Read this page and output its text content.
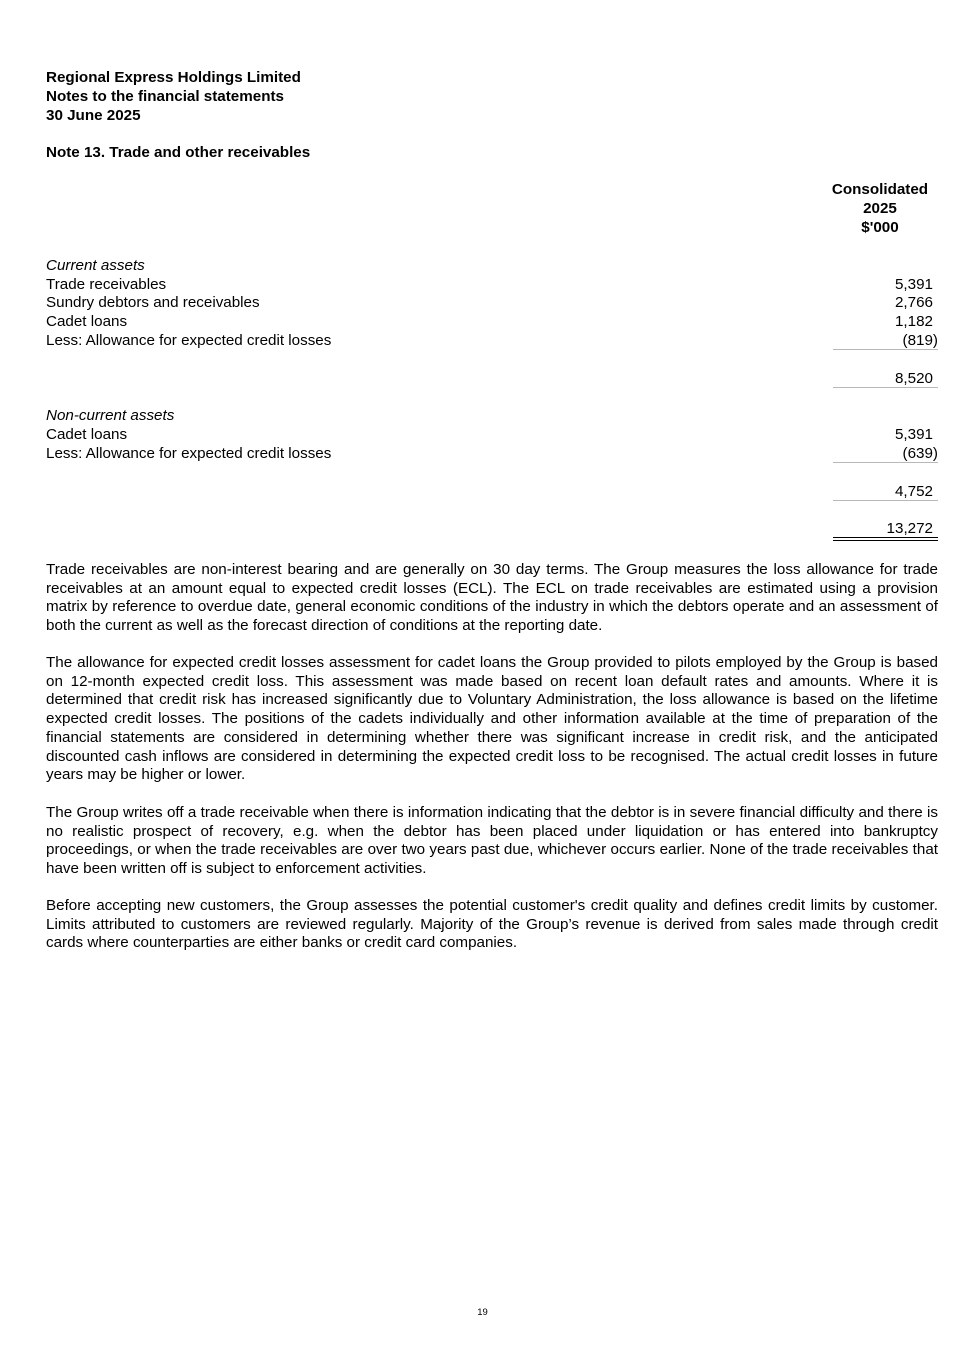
Regional Express Holdings Limited
Notes to the financial statements
30 June 2025
Note 13. Trade and other receivables
Consolidated
2025
$'000
Current assets
Trade receivables	5,391
Sundry debtors and receivables	2,766
Cadet loans	1,182
Less: Allowance for expected credit losses	(819)
8,520
Non-current assets
Cadet loans	5,391
Less: Allowance for expected credit losses	(639)
4,752
13,272

Trade receivables are non-interest bearing and are generally on 30 day terms. The Group measures the loss allowance for trade receivables at an amount equal to expected credit losses (ECL). The ECL on trade receivables are estimated using a provision matrix by reference to overdue date, general economic conditions of the industry in which the debtors operate and an assessment of both the current as well as the forecast direction of conditions at the reporting date.

The allowance for expected credit losses assessment for cadet loans the Group provided to pilots employed by the Group is based on 12-month expected credit loss. This assessment was made based on recent loan default rates and amounts. Where it is determined that credit risk has increased significantly due to Voluntary Administration, the loss allowance is based on the lifetime expected credit losses. The positions of the cadets individually and other information available at the time of preparation of the financial statements are considered in determining whether there was significant increase in credit risk, and the anticipated discounted cash inflows are considered in determining the expected credit loss to be recognised. The actual credit losses in future years may be higher or lower.

The Group writes off a trade receivable when there is information indicating that the debtor is in severe financial difficulty and there is no realistic prospect of recovery, e.g. when the debtor has been placed under liquidation or has entered into bankruptcy proceedings, or when the trade receivables are over two years past due, whichever occurs earlier. None of the trade receivables that have been written off is subject to enforcement activities.

Before accepting new customers, the Group assesses the potential customer's credit quality and defines credit limits by customer. Limits attributed to customers are reviewed regularly. Majority of the Group’s revenue is derived from sales made through credit cards where counterparties are either banks or credit card companies.

19
